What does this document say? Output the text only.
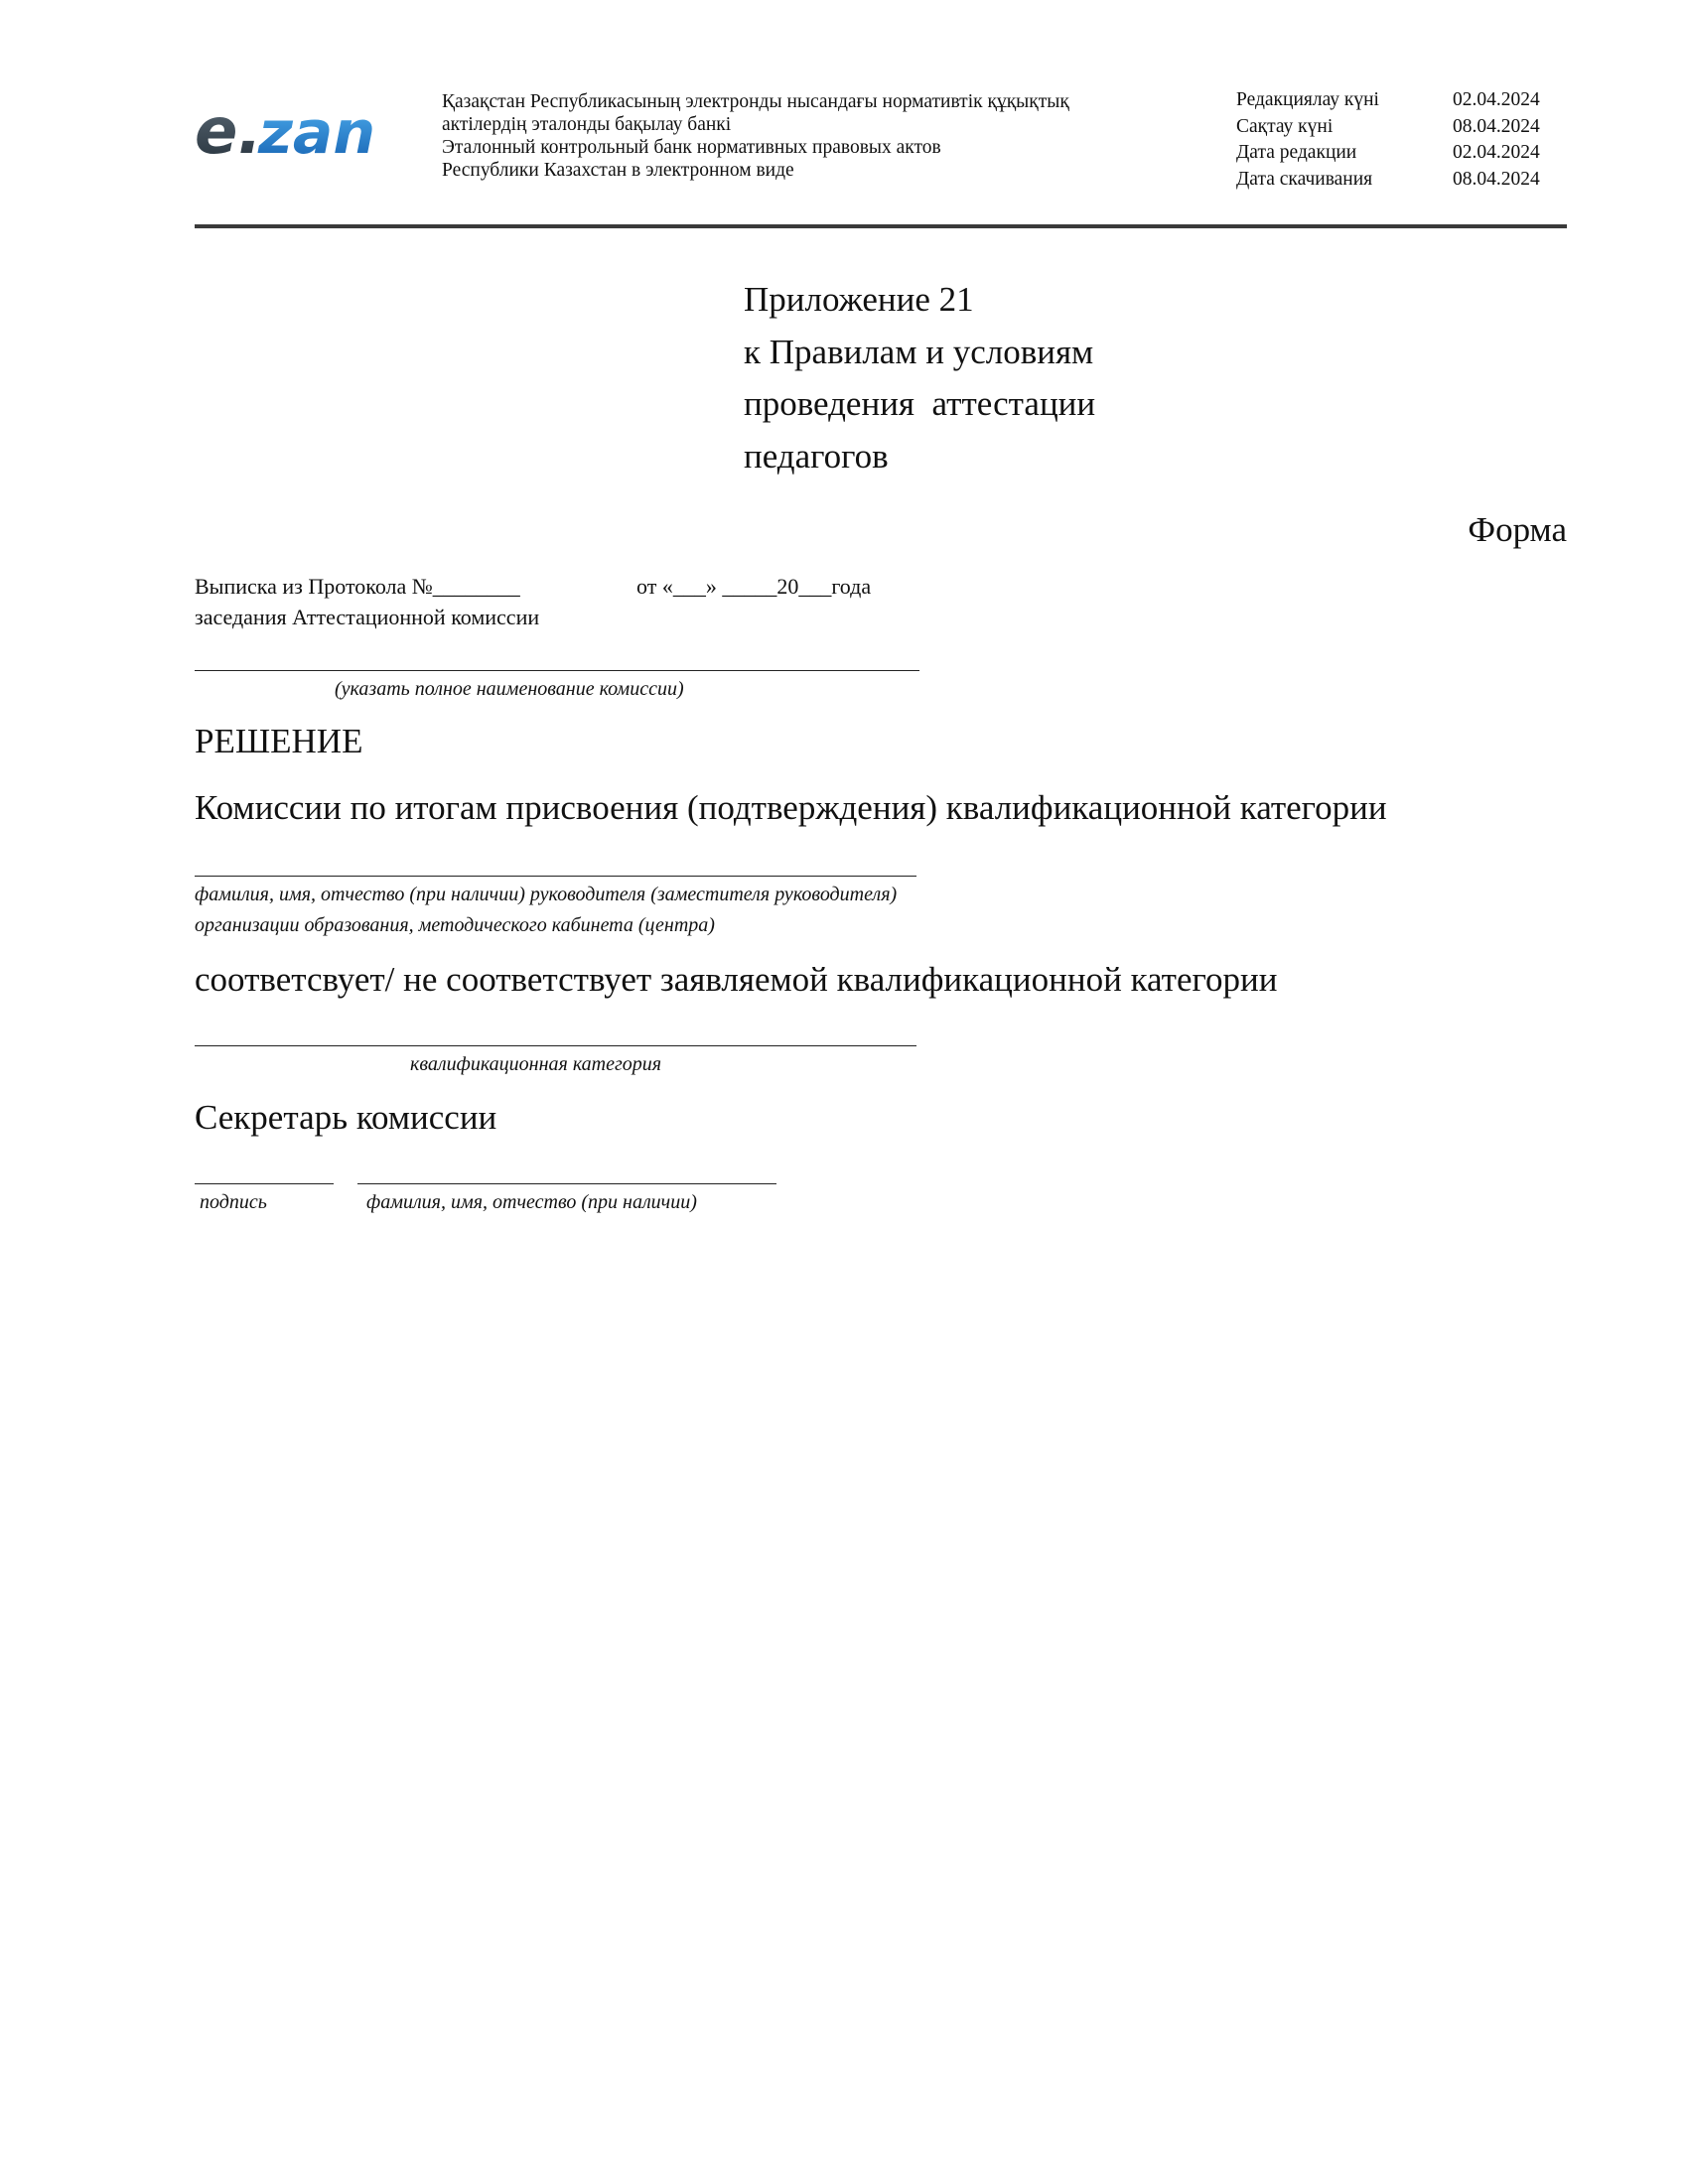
e.
zan	Қазақстан Республикасының электронды нысандағы нормативтік құқықтық
актілердің эталонды бақылау банкі
Эталонный контрольный банк нормативных правовых актов
Республики Казахстан в электронном виде
Редакциялау күні	02.04.2024
Сақтау күні	08.04.2024
Дата редакции	02.04.2024
Дата скачивания	08.04.2024
Приложение 21
к Правилам и условиям
проведения  аттестации
педагогов
Форма
Выписка из Протокола №________	от «___» _____20___года
заседания Аттестационной комиссии
(указать полное наименование комиссии)
РЕШЕНИЕ
Комиссии по итогам присвоения (подтверждения) квалификационной категории
фамилия, имя, отчество (при наличии) руководителя (заместителя руководителя)
организации образования, методического кабинета (центра)
соответсвует/ не соответствует заявляемой квалификационной категории
квалификационная категория
Секретарь комиссии
подпись	фамилия, имя, отчество (при наличии)
